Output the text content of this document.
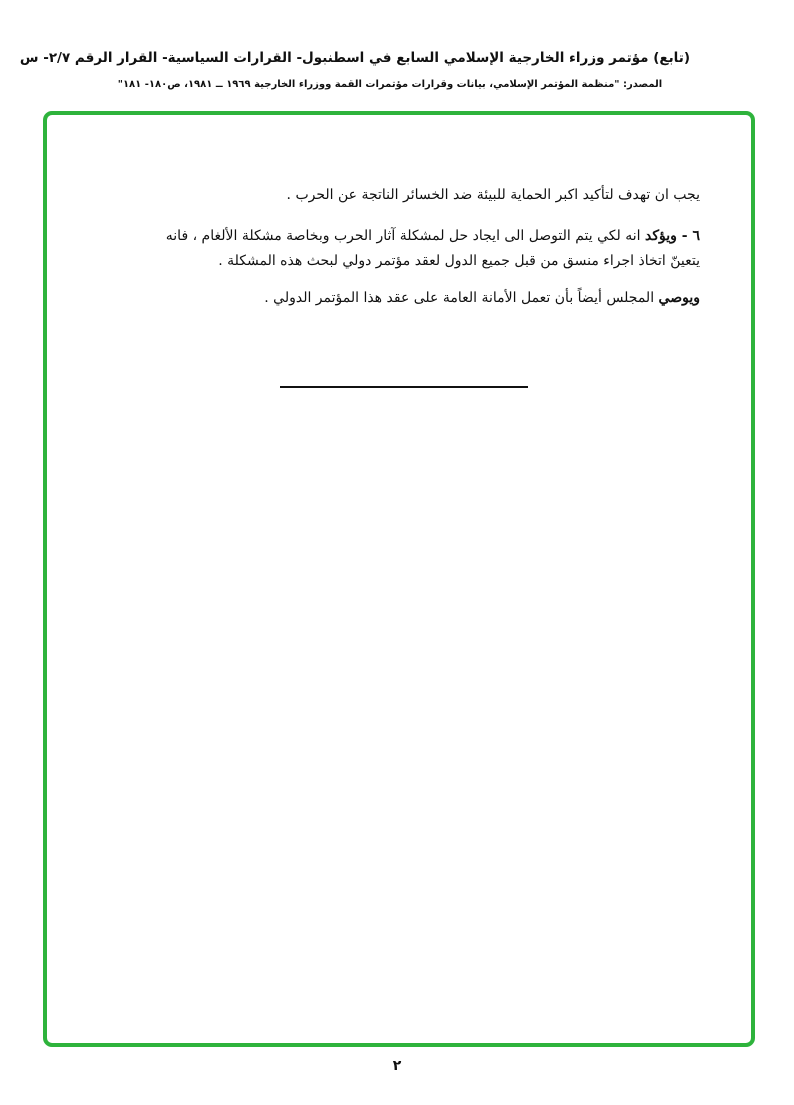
(تابع) مؤتمر وزراء الخارجية الإسلامي السابع في اسطنبول- القرارات السياسية- القرار الرقم ٢/٧- س
المصدر: "منظمة المؤتمر الإسلامي، بيانات وقرارات مؤتمرات القمة ووزراء الخارجية ١٩٦٩ ــ ١٩٨١، ص١٨٠- ١٨١"
يجب ان تهدف لتأكيد اكبر الحماية للبيئة ضد الخسائر الناتجة عن الحرب .
٦ - ويؤكد انه لكي يتم التوصل الى ايجاد حل لمشكلة آثار الحرب وبخاصة مشكلة الألغام ، فانه
يتعينّ اتخاذ اجراء منسق من قبل جميع الدول لعقد مؤتمر دولي لبحث هذه المشكلة .
ويوصي المجلس أيضاً بأن تعمل الأمانة العامة على عقد هذا المؤتمر الدولي .
٢
